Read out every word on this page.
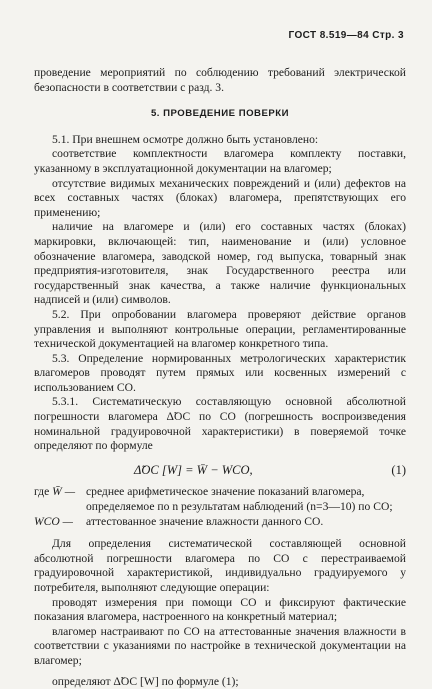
ГОСТ 8.519—84 Стр. 3

проведение мероприятий по соблюдению требований электрической безопасности в соответствии с разд. 3.

5. ПРОВЕДЕНИЕ ПОВЕРКИ

5.1. При внешнем осмотре должно быть установлено:

соответствие комплектности влагомера комплекту поставки, указанному в эксплуатационной документации на влагомер;

отсутствие видимых механических повреждений и (или) дефектов на всех составных частях (блоках) влагомера, препятствующих его применению;

наличие на влагомере и (или) его составных частях (блоках) маркировки, включающей: тип, наименование и (или) условное обозначение влагомера, заводской номер, год выпуска, товарный знак предприятия-изготовителя, знак Государственного реестра или государственный знак качества, а также наличие функциональных надписей и (или) символов.

5.2. При опробовании влагомера проверяют действие органов управления и выполняют контрольные операции, регламентированные технической документацией на влагомер конкретного типа.

5.3. Определение нормированных метрологических характеристик влагомеров проводят путем прямых или косвенных измерений с использованием СО.

5.3.1. Систематическую составляющую основной абсолютной погрешности влагомера Δ̃ОС по СО (погрешность воспроизведения номинальной градуировочной характеристики) в поверяемой точке определяют по формуле

Δ̃ОС [W] = W̄ − WСО,	(1)
где W̄ — среднее арифметическое значение показаний влагомера, определяемое по n результатам наблюдений (n=3—10) по СО;
WСО —	аттестованное значение влажности данного СО.

Для определения систематической составляющей основной абсолютной погрешности влагомера по СО с перестраиваемой градуировочной характеристикой, индивидуально градуируемого у потребителя, выполняют следующие операции:

проводят измерения при помощи СО и фиксируют фактические показания влагомера, настроенного на конкретный материал;

влагомер настраивают по СО на аттестованные значения влажности в соответствии с указаниями по настройке в технической документации на влагомер;

определяют Δ̃ОС [W] по формуле (1);
